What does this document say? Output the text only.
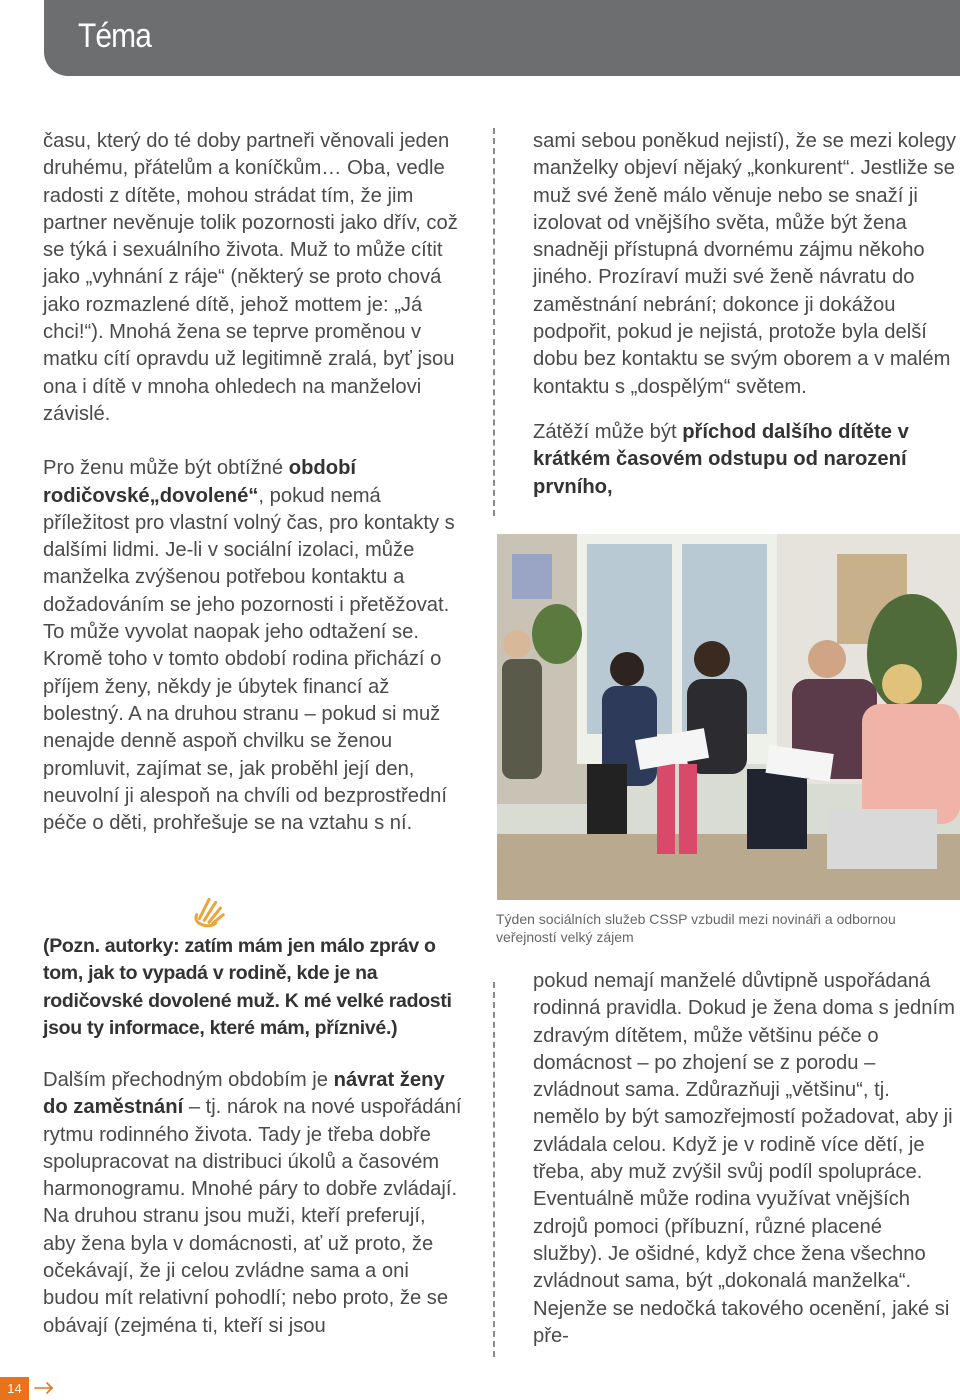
Téma

času, který do té doby partneři věnovali jeden druhému, přátelům a koníčkům… Oba, vedle radosti z dítěte, mohou strádat tím, že jim partner nevěnuje tolik pozornosti jako dřív, což se týká i sexuálního života. Muž to může cítit jako „vyhnání z ráje“ (některý se proto chová jako rozmazlené dítě, jehož mottem je: „Já chci!“). Mnohá žena se teprve proměnou v matku cítí opravdu už legitimně zralá, byť jsou ona i dítě v mnoha ohledech na manželovi závislé.

Pro ženu může být obtížné období rodičovské„dovolené“, pokud nemá příležitost pro vlastní volný čas, pro kontakty s dalšími lidmi. Je-li v sociální izolaci, může manželka zvýšenou potřebou kontaktu a dožadováním se jeho pozornosti i přetěžovat. To může vyvolat naopak jeho odtažení se. Kromě toho v tomto období rodina přichází o příjem ženy, někdy je úbytek financí až bolestný. A na druhou stranu – pokud si muž nenajde denně aspoň chvilku se ženou promluvit, zajímat se, jak proběhl její den, neuvolní ji alespoň na chvíli od bezprostřední péče o děti, prohřešuje se na vztahu s ní.

(Pozn. autorky: zatím mám jen málo zpráv o tom, jak to vypadá v rodině, kde je na rodičovské dovolené muž. K mé velké radosti jsou ty informace, které mám, příznivé.)

Dalším přechodným obdobím je návrat ženy do zaměstnání – tj. nárok na nové uspořádání rytmu rodinného života. Tady je třeba dobře spolupracovat na distribuci úkolů a časovém harmonogramu. Mnohé páry to dobře zvládají. Na druhou stranu jsou muži, kteří preferují, aby žena byla v domácnosti, ať už proto, že očekávají, že ji celou zvládne sama a oni budou mít relativní pohodlí; nebo proto, že se obávají (zejména ti, kteří si jsou

sami sebou poněkud nejistí), že se mezi kolegy manželky objeví nějaký „konkurent“. Jestliže se muž své ženě málo věnuje nebo se snaží ji izolovat od vnějšího světa, může být žena snadněji přístupná dvornému zájmu někoho jiného. Prozíraví muži své ženě návratu do zaměstnání nebrání; dokonce ji dokážou podpořit, pokud je nejistá, protože byla delší dobu bez kontaktu se svým oborem a v malém kontaktu s „dospělým“ světem.

Zátěží může být příchod dalšího dítěte v krátkém časovém odstupu od narození prvního,

Týden sociálních služeb CSSP vzbudil mezi novináři a odbornou veřejností velký zájem

pokud nemají manželé důvtipně uspořádaná rodinná pravidla. Dokud je žena doma s jedním zdravým dítětem, může většinu péče o domácnost – po zhojení se z porodu – zvládnout sama. Zdůrazňuji „většinu“, tj. nemělo by být samozřejmostí požadovat, aby ji zvládala celou. Když je v rodině více dětí, je třeba, aby muž zvýšil svůj podíl spolupráce. Eventuálně může rodina využívat vnějších zdrojů pomoci (příbuzní, různé placené služby). Je ošidné, když chce žena všechno zvládnout sama, být „dokonalá manželka“. Nejenže se nedočká takového ocenění, jaké si pře-

14
